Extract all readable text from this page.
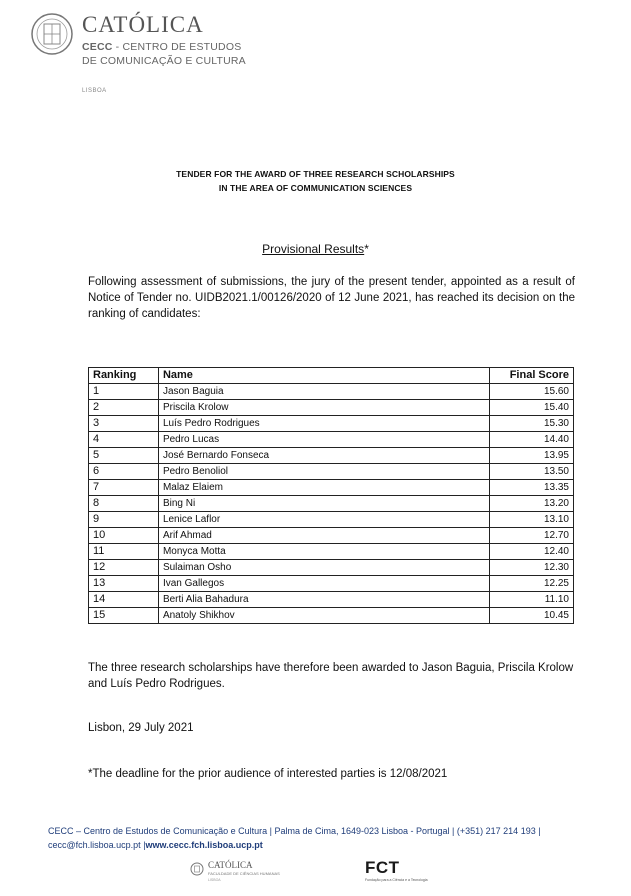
CATÓLICA
CECC - CENTRO DE ESTUDOS
DE COMUNICAÇÃO E CULTURA
LISBOA
TENDER FOR THE AWARD OF THREE RESEARCH SCHOLARSHIPS
IN THE AREA OF COMMUNICATION SCIENCES
Provisional Results*
Following assessment of submissions, the jury of the present tender, appointed as a result of Notice of Tender no. UIDB2021.1/00126/2020 of 12 June 2021, has reached its decision on the ranking of candidates:
Ranking	Name	Final Score
1	Jason Baguia	15.60
2	Priscila Krolow	15.40
3	Luís Pedro Rodrigues	15.30
4	Pedro Lucas	14.40
5	José Bernardo Fonseca	13.95
6	Pedro Benoliol	13.50
7	Malaz Elaiem	13.35
8	Bing Ni	13.20
9	Lenice Laflor	13.10
10	Arif Ahmad	12.70
11	Monyca Motta	12.40
12	Sulaiman Osho	12.30
13	Ivan Gallegos	12.25
14	Berti Alia Bahadura	11.10
15	Anatoly Shikhov	10.45
The three research scholarships have therefore been awarded to Jason Baguia, Priscila Krolow and Luís Pedro Rodrigues.
Lisbon, 29 July 2021
*The deadline for the prior audience of interested parties is 12/08/2021
CECC – Centro de Estudos de Comunicação e Cultura | Palma de Cima, 1649-023 Lisboa - Portugal | (+351) 217 214 193 |
cecc@fch.lisboa.ucp.pt |www.cecc.fch.lisboa.ucp.pt
CATÓLICA
FACULDADE DE CIÊNCIAS HUMANAS
LISBOA
FCT
Fundação para a Ciência e a Tecnologia
